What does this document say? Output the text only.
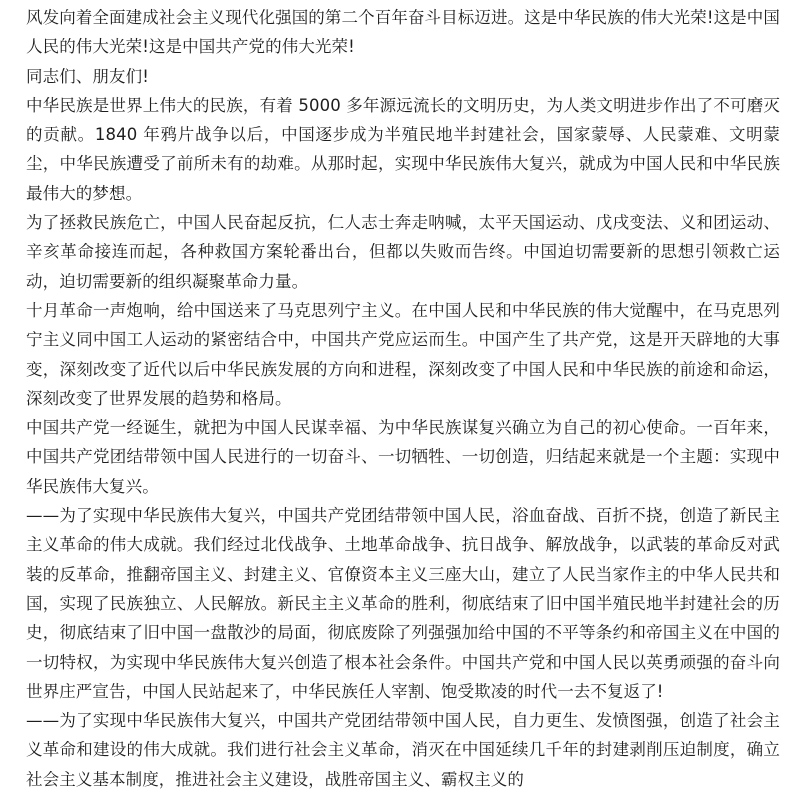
风发向着全面建成社会主义现代化强国的第二个百年奋斗目标迈进。这是中华民族的伟大光荣!这是中国人民的伟大光荣!这是中国共产党的伟大光荣!

同志们、朋友们!

中华民族是世界上伟大的民族，有着 5000 多年源远流长的文明历史，为人类文明进步作出了不可磨灭的贡献。1840 年鸦片战争以后，中国逐步成为半殖民地半封建社会，国家蒙辱、人民蒙难、文明蒙尘，中华民族遭受了前所未有的劫难。从那时起，实现中华民族伟大复兴，就成为中国人民和中华民族最伟大的梦想。

为了拯救民族危亡，中国人民奋起反抗，仁人志士奔走呐喊，太平天国运动、戊戌变法、义和团运动、辛亥革命接连而起，各种救国方案轮番出台，但都以失败而告终。中国迫切需要新的思想引领救亡运动，迫切需要新的组织凝聚革命力量。

十月革命一声炮响，给中国送来了马克思列宁主义。在中国人民和中华民族的伟大觉醒中，在马克思列宁主义同中国工人运动的紧密结合中，中国共产党应运而生。中国产生了共产党，这是开天辟地的大事变，深刻改变了近代以后中华民族发展的方向和进程，深刻改变了中国人民和中华民族的前途和命运，深刻改变了世界发展的趋势和格局。

中国共产党一经诞生，就把为中国人民谋幸福、为中华民族谋复兴确立为自己的初心使命。一百年来，中国共产党团结带领中国人民进行的一切奋斗、一切牺牲、一切创造，归结起来就是一个主题：实现中华民族伟大复兴。

——为了实现中华民族伟大复兴，中国共产党团结带领中国人民，浴血奋战、百折不挠，创造了新民主主义革命的伟大成就。我们经过北伐战争、土地革命战争、抗日战争、解放战争，以武装的革命反对武装的反革命，推翻帝国主义、封建主义、官僚资本主义三座大山，建立了人民当家作主的中华人民共和国，实现了民族独立、人民解放。新民主主义革命的胜利，彻底结束了旧中国半殖民地半封建社会的历史，彻底结束了旧中国一盘散沙的局面，彻底废除了列强强加给中国的不平等条约和帝国主义在中国的一切特权，为实现中华民族伟大复兴创造了根本社会条件。中国共产党和中国人民以英勇顽强的奋斗向世界庄严宣告，中国人民站起来了，中华民族任人宰割、饱受欺凌的时代一去不复返了!

——为了实现中华民族伟大复兴，中国共产党团结带领中国人民，自力更生、发愤图强，创造了社会主义革命和建设的伟大成就。我们进行社会主义革命，消灭在中国延续几千年的封建剥削压迫制度，确立社会主义基本制度，推进社会主义建设，战胜帝国主义、霸权主义的
